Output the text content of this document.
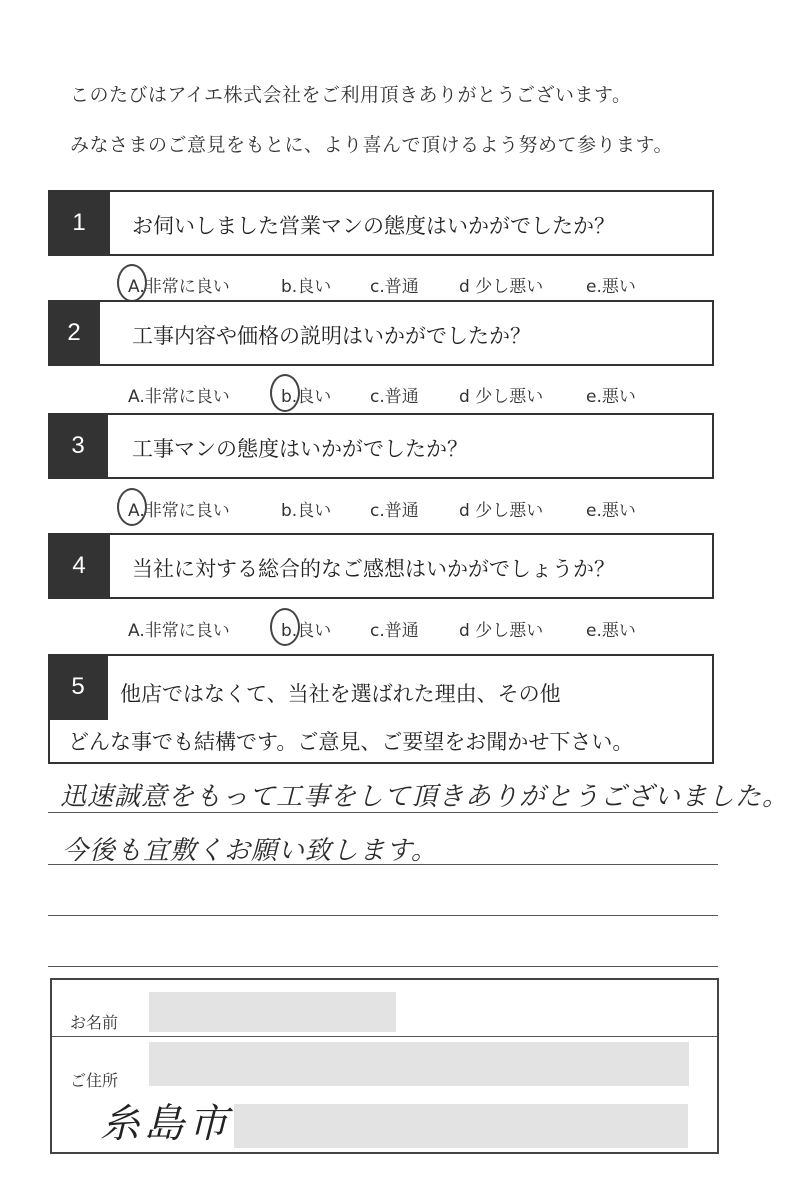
このたびはアイエ株式会社をご利用頂きありがとうございます。
みなさまのご意見をもとに、より喜んで頂けるよう努めて参ります。
1	お伺いしました営業マンの態度はいかがでしたか？
A.非常に良い	b.良い c.普通 d 少し悪い	e.悪い
2	工事内容や価格の説明はいかがでしたか？
A.非常に良い	b.良い c.普通 d 少し悪い	e.悪い
3	工事マンの態度はいかがでしたか？
A.非常に良い	b.良い c.普通 d 少し悪い	e.悪い
4	当社に対する総合的なご感想はいかがでしょうか？
A.非常に良い	b.良い c.普通 d 少し悪い	e.悪い
5	他店ではなくて、当社を選ばれた理由、その他
どんな事でも結構です。ご意見、ご要望をお聞かせ下さい。
迅速誠意をもって工事をして頂きありがとうございました。
今後も宜敷くお願い致します。
お名前
ご住所
糸島市
